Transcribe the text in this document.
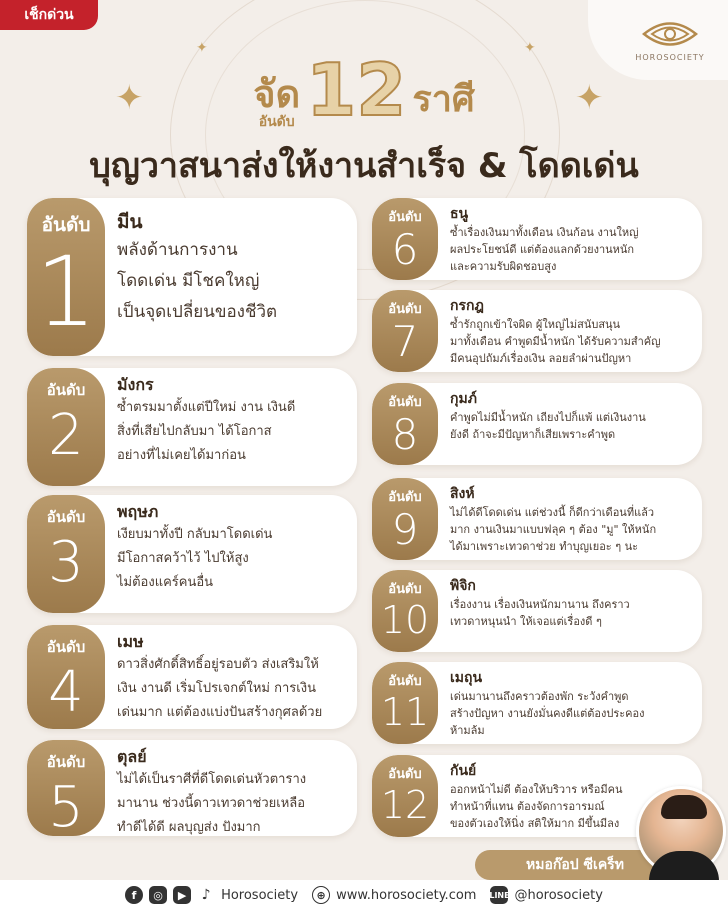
เช็กด่วน
HOROSOCIETY
✦
✦
✦
✦
จัด
อันดับ 12 ราศี
บุญวาสนาส่งให้งานสำเร็จ & โดดเด่น
อันดับ
1
มีน
พลังด้านการงาน
โดดเด่น มีโชคใหญ่
เป็นจุดเปลี่ยนของชีวิต
อันดับ
2
มังกร
ซ้ำตรมมาตั้งแต่ปีใหม่ งาน เงินดี
สิ่งที่เสียไปกลับมา ได้โอกาส
อย่างที่ไม่เคยได้มาก่อน
อันดับ
3
พฤษภ
เงียบมาทั้งปี กลับมาโดดเด่น
มีโอกาสคว้าไว้ ไปให้สูง
ไม่ต้องแคร์คนอื่น
อันดับ
4
เมษ
ดาวสิ่งศักดิ์สิทธิ์อยู่รอบตัว ส่งเสริมให้
เงิน งานดี เริ่มโปรเจกต์ใหม่ การเงิน
เด่นมาก แต่ต้องแบ่งปันสร้างกุศลด้วย
อันดับ
5
ตุลย์
ไม่ได้เป็นราศีที่ดีโดดเด่นหัวตาราง
มานาน ช่วงนี้ดาวเทวดาช่วยเหลือ
ทำดีได้ดี ผลบุญส่ง ปังมาก
อันดับ
6
ธนู
ซ้ำเรื่องเงินมาทั้งเดือน เงินก้อน งานใหญ่
ผลประโยชน์ดี แต่ต้องแลกด้วยงานหนัก
และความรับผิดชอบสูง
อันดับ
7
กรกฎ
ซ้ำรักถูกเข้าใจผิด ผู้ใหญ่ไม่สนับสนุน
มาทั้งเดือน คำพูดมีน้ำหนัก ได้รับความสำคัญ
มีคนอุปถัมภ์เรื่องเงิน ลอยลำผ่านปัญหา
อันดับ
8
กุมภ์
คำพูดไม่มีน้ำหนัก เถียงไปก็แพ้ แต่เงินงาน
ยังดี ถ้าจะมีปัญหาก็เสียเพราะคำพูด
อันดับ
9
สิงห์
ไม่ได้ดีโดดเด่น แต่ช่วงนี้ ก็ดีกว่าเดือนที่แล้ว
มาก งานเงินมาแบบฟลุค ๆ ต้อง "มู" ให้หนัก
ได้มาเพราะเทวดาช่วย ทำบุญเยอะ ๆ นะ
อันดับ
10
พิจิก
เรื่องงาน เรื่องเงินหนักมานาน ถึงคราว
เทวดาหนุนนำ ให้เจอแต่เรื่องดี ๆ
อันดับ
11
เมถุน
เด่นมานานถึงคราวต้องพัก ระวังคำพูด
สร้างปัญหา งานยังมั่นคงดีแต่ต้องประคอง
ห้ามล้ม
อันดับ
12
กันย์
ออกหน้าไม่ดี ต้องให้บริวาร หรือมีคน
ทำหน้าที่แทน ต้องจัดการอารมณ์
ของตัวเองให้นิ่ง สติให้มาก มีขึ้นมีลง
หมอก๊อป ซีเคร็ท
f	◎	▶	♪ Horosociety	⊕ www.horosociety.com LINE @horosociety
